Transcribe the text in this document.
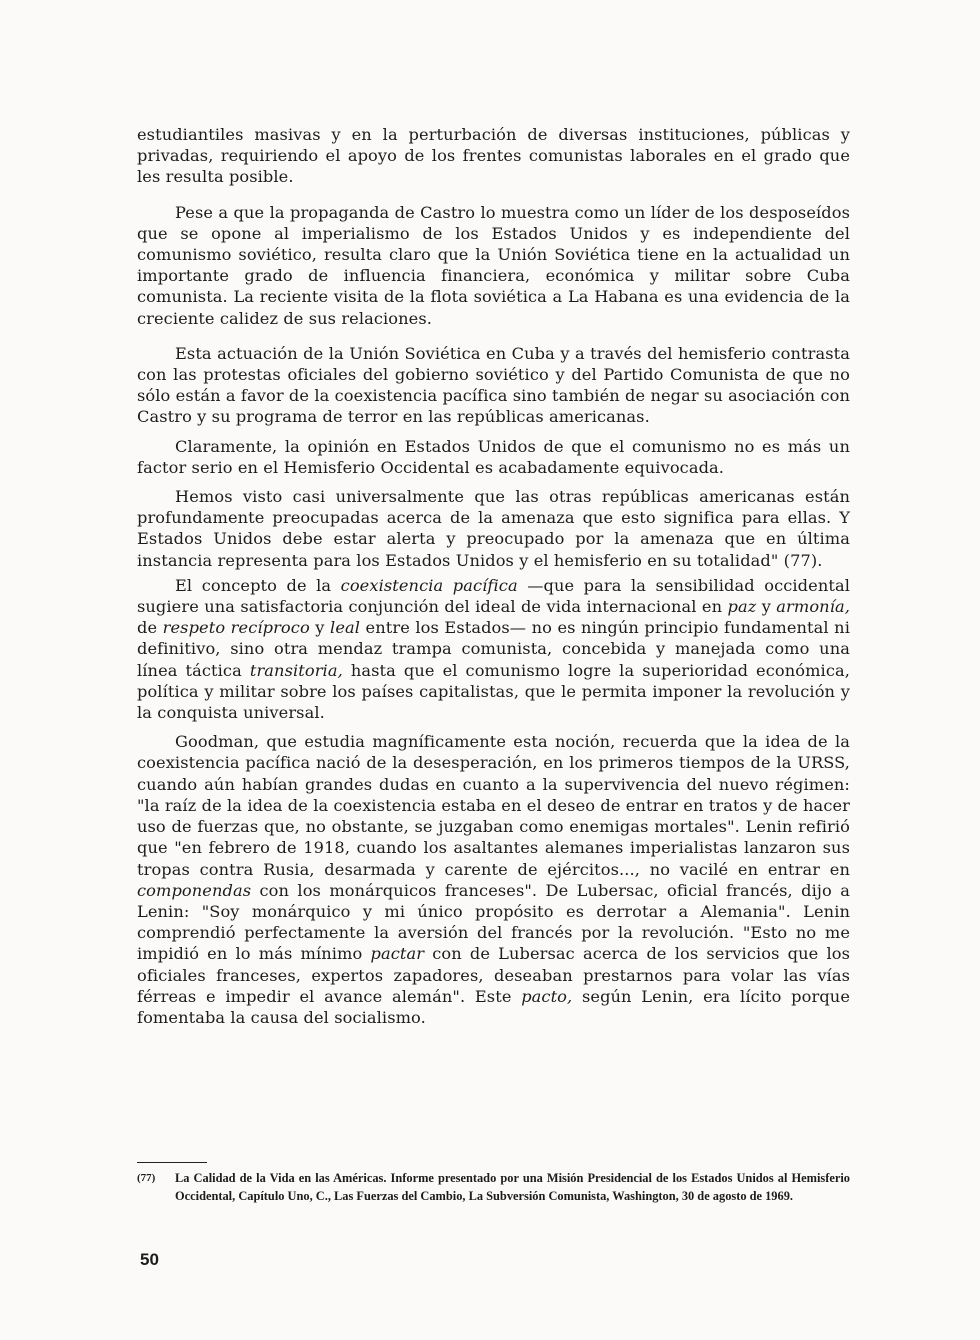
estudiantiles masivas y en la perturbación de diversas instituciones, públicas y privadas, requiriendo el apoyo de los frentes comunistas laborales en el grado que les resulta posible.

Pese a que la propaganda de Castro lo muestra como un líder de los desposeídos que se opone al imperialismo de los Estados Unidos y es independiente del comunismo soviético, resulta claro que la Unión Soviética tiene en la actualidad un importante grado de influencia financiera, económica y militar sobre Cuba comunista. La reciente visita de la flota soviética a La Habana es una evidencia de la creciente calidez de sus relaciones.

Esta actuación de la Unión Soviética en Cuba y a través del hemisferio contrasta con las protestas oficiales del gobierno soviético y del Partido Comunista de que no sólo están a favor de la coexistencia pacífica sino también de negar su asociación con Castro y su programa de terror en las repúblicas americanas.

Claramente, la opinión en Estados Unidos de que el comunismo no es más un factor serio en el Hemisferio Occidental es acabadamente equivocada.

Hemos visto casi universalmente que las otras repúblicas americanas están profundamente preocupadas acerca de la amenaza que esto significa para ellas. Y Estados Unidos debe estar alerta y preocupado por la amenaza que en última instancia representa para los Estados Unidos y el hemisferio en su totalidad" (77).

El concepto de la coexistencia pacífica —que para la sensibilidad occidental sugiere una satisfactoria conjunción del ideal de vida internacional en paz y armonía, de respeto recíproco y leal entre los Estados— no es ningún principio fundamental ni definitivo, sino otra mendaz trampa comunista, concebida y manejada como una línea táctica transitoria, hasta que el comunismo logre la superioridad económica, política y militar sobre los países capitalistas, que le permita imponer la revolución y la conquista universal.

Goodman, que estudia magníficamente esta noción, recuerda que la idea de la coexistencia pacífica nació de la desesperación, en los primeros tiempos de la URSS, cuando aún habían grandes dudas en cuanto a la supervivencia del nuevo régimen: "la raíz de la idea de la coexistencia estaba en el deseo de entrar en tratos y de hacer uso de fuerzas que, no obstante, se juzgaban como enemigas mortales". Lenin refirió que "en febrero de 1918, cuando los asaltantes alemanes imperialistas lanzaron sus tropas contra Rusia, desarmada y carente de ejércitos..., no vacilé en entrar en componendas con los monárquicos franceses". De Lubersac, oficial francés, dijo a Lenin: "Soy monárquico y mi único propósito es derrotar a Alemania". Lenin comprendió perfectamente la aversión del francés por la revolución. "Esto no me impidió en lo más mínimo pactar con de Lubersac acerca de los servicios que los oficiales franceses, expertos zapadores, deseaban prestarnos para volar las vías férreas e impedir el avance alemán". Este pacto, según Lenin, era lícito porque fomentaba la causa del socialismo.

(77)	La Calidad de la Vida en las Américas. Informe presentado por una Misión Presidencial de los Estados Unidos al Hemisferio Occidental, Capítulo Uno, C., Las Fuerzas del Cambio, La Subversión Comunista, Washington, 30 de agosto de 1969.
50
